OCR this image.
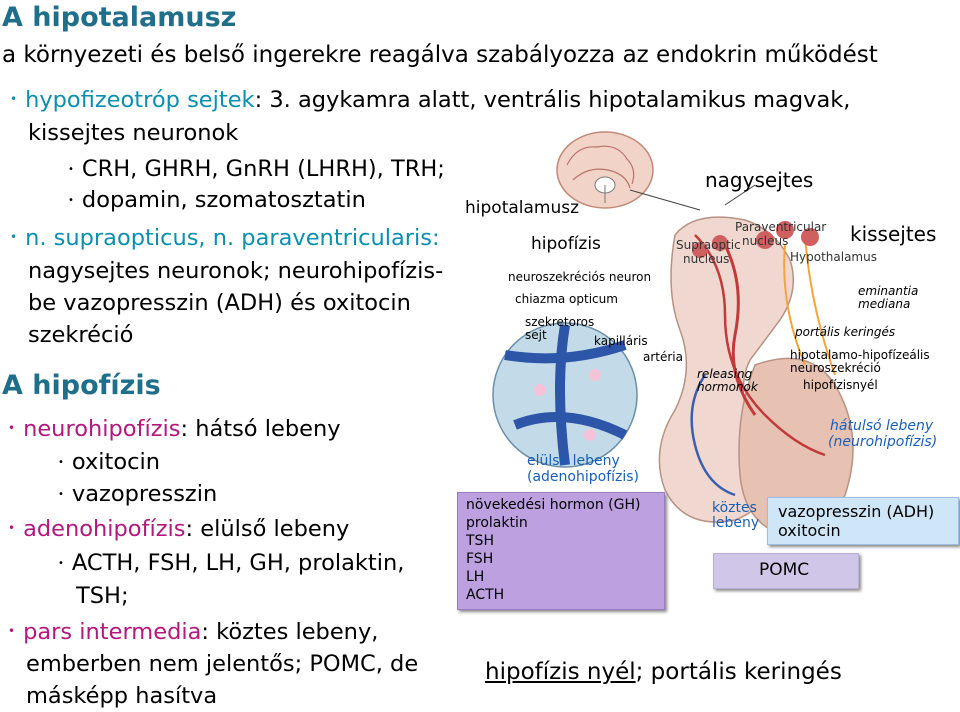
A hipotalamusz
a környezeti és belső ingerekre reagálva szabályozza az endokrin működést
• hypofizeotróp sejtek: 3. agykamra alatt, ventrális hipotalamikus magvak,
kissejtes neuronok
• CRH, GHRH, GnRH (LHRH), TRH;
• dopamin, szomatosztatin
• n. supraopticus, n. paraventricularis:
nagysejtes neuronok; neurohipofízis-
be vazopresszin (ADH) és oxitocin
szekréció
A hipofízis
• neurohipofízis: hátsó lebeny
• oxitocin
• vazopresszin
• adenohipofízis: elülső lebeny
• ACTH, FSH, LH, GH, prolaktin,
TSH;
• pars intermedia: köztes lebeny,
emberben nem jelentős; POMC, de
másképp hasítva
hipotalamusz
hipofízis
nagysejtes
Paraventricular
nucleus
Supraoptic
nucleus	Hypothalamus
kissejtes
neuroszekréciós neuron
chiazma opticum
szekretoros
sejt	kapilláris
artéria
eminantia
mediana
portális keringés
hipotalamo-hipofízeális
neuroszekréció
releasing
hormonok	hipofízisnyél
hátulsó lebeny
(neurohipofízis)
elülső lebeny
(adenohipofízis)
köztes
lebeny
növekedési hormon (GH)
prolaktin
TSH
FSH
LH
ACTH
vazopresszin (ADH)
oxitocin
POMC
hipofízis nyél; portális keringés
